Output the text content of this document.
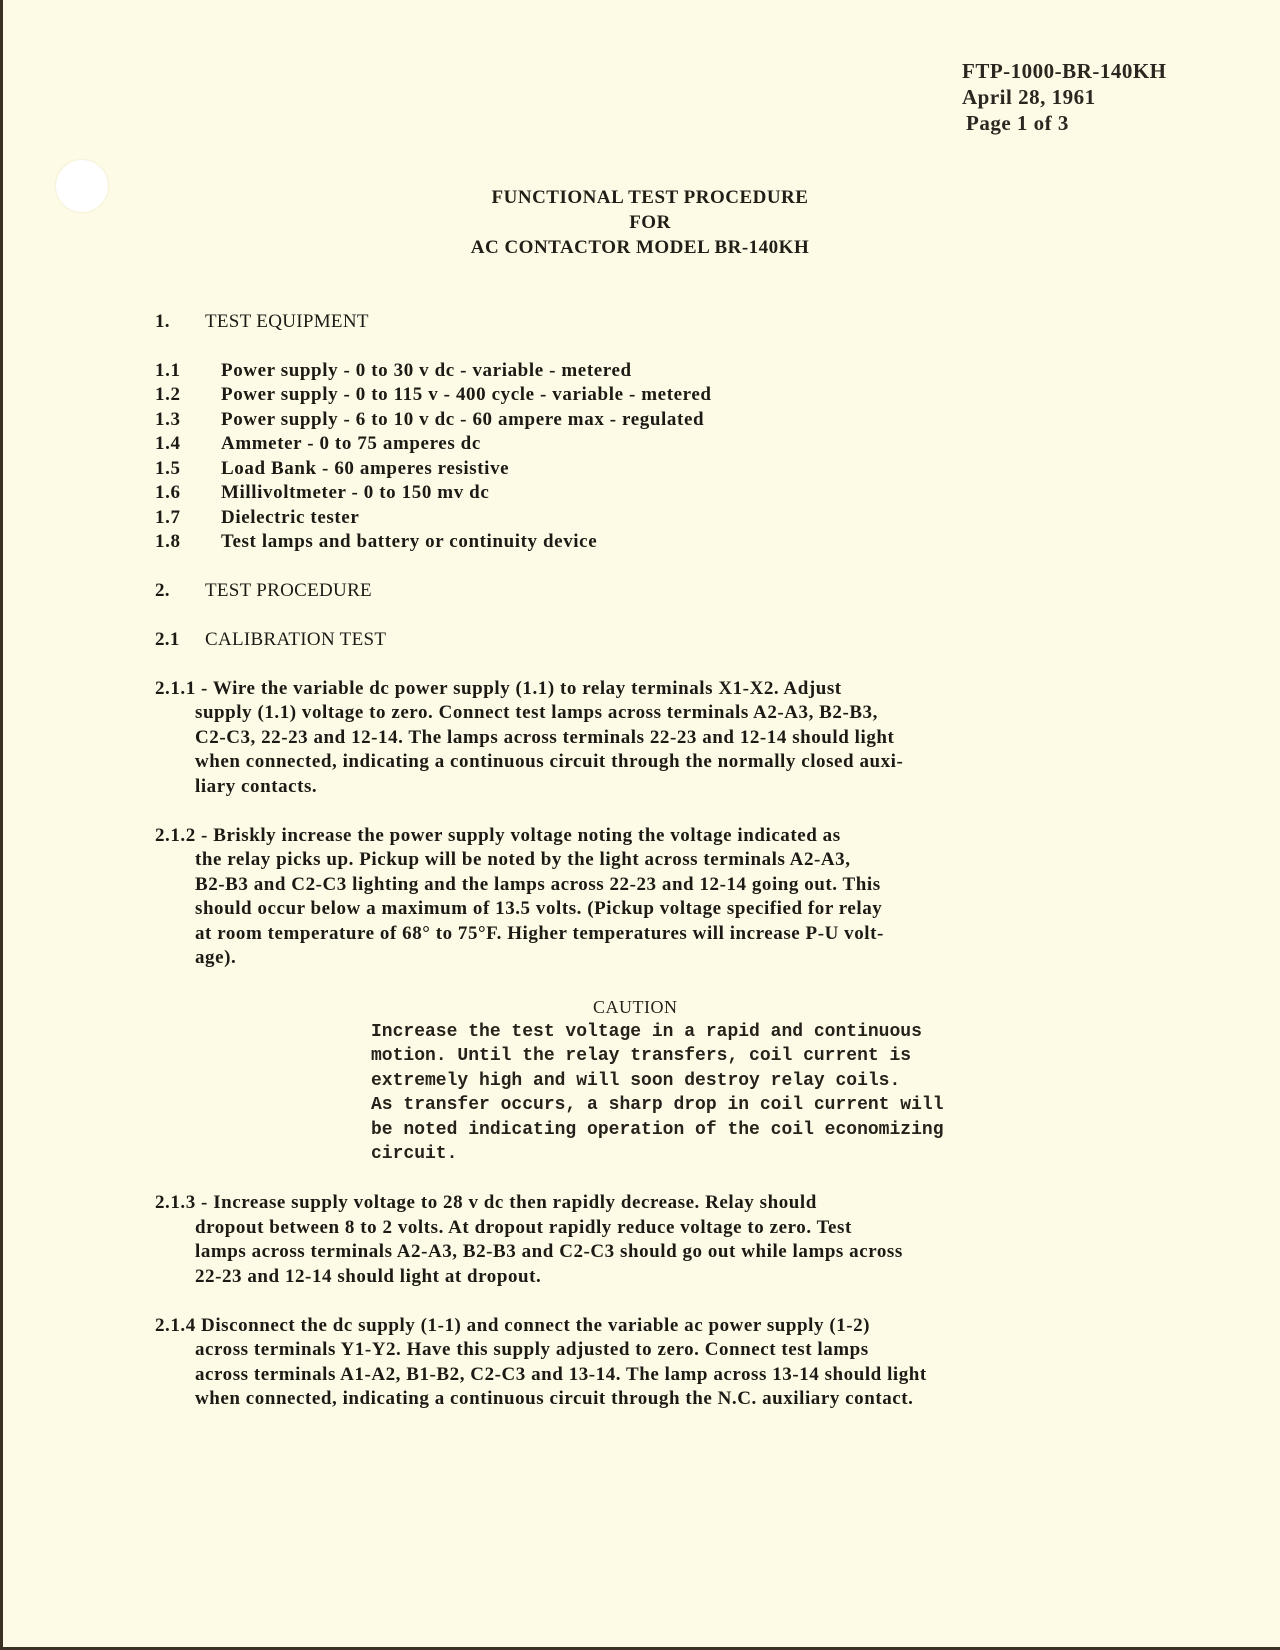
FTP-1000-BR-140KH
April 28, 1961
Page 1 of 3
FUNCTIONAL TEST PROCEDURE
FOR
AC CONTACTOR MODEL BR-140KH
1. TEST EQUIPMENT
1.1 Power supply - 0 to 30 v dc - variable - metered
1.2 Power supply - 0 to 115 v - 400 cycle - variable - metered
1.3 Power supply - 6 to 10 v dc - 60 ampere max - regulated
1.4 Ammeter - 0 to 75 amperes dc
1.5 Load Bank - 60 amperes resistive
1.6 Millivoltmeter - 0 to 150 mv dc
1.7 Dielectric tester
1.8 Test lamps and battery or continuity device
2. TEST PROCEDURE
2.1 CALIBRATION TEST
2.1.1 - Wire the variable dc power supply (1.1) to relay terminals X1-X2. Adjust
supply (1.1) voltage to zero. Connect test lamps across terminals A2-A3, B2-B3,
C2-C3, 22-23 and 12-14. The lamps across terminals 22-23 and 12-14 should light
when connected, indicating a continuous circuit through the normally closed auxi-
liary contacts.
2.1.2 - Briskly increase the power supply voltage noting the voltage indicated as
the relay picks up. Pickup will be noted by the light across terminals A2-A3,
B2-B3 and C2-C3 lighting and the lamps across 22-23 and 12-14 going out. This
should occur below a maximum of 13.5 volts. (Pickup voltage specified for relay
at room temperature of 68° to 75°F. Higher temperatures will increase P-U volt-
age).
CAUTION
Increase the test voltage in a rapid and continuous
motion. Until the relay transfers, coil current is
extremely high and will soon destroy relay coils.
As transfer occurs, a sharp drop in coil current will
be noted indicating operation of the coil economizing
circuit.
2.1.3 - Increase supply voltage to 28 v dc then rapidly decrease. Relay should
dropout between 8 to 2 volts. At dropout rapidly reduce voltage to zero. Test
lamps across terminals A2-A3, B2-B3 and C2-C3 should go out while lamps across
22-23 and 12-14 should light at dropout.
2.1.4 Disconnect the dc supply (1-1) and connect the variable ac power supply (1-2)
across terminals Y1-Y2. Have this supply adjusted to zero. Connect test lamps
across terminals A1-A2, B1-B2, C2-C3 and 13-14. The lamp across 13-14 should light
when connected, indicating a continuous circuit through the N.C. auxiliary contact.
